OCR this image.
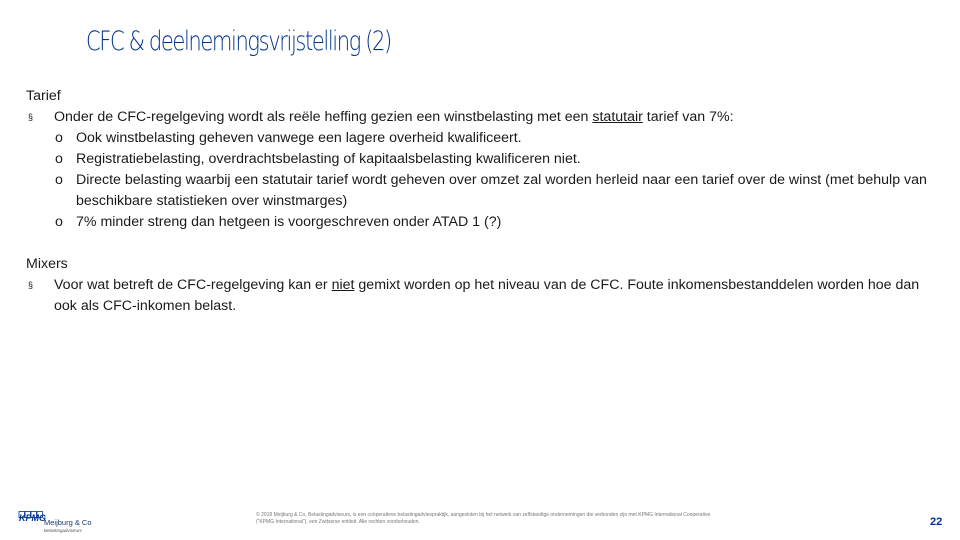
CFC & deelnemingsvrijstelling (2)
Tarief
§ Onder de CFC-regelgeving wordt als reële heffing gezien een winstbelasting met een statutair tarief van 7%:
o Ook winstbelasting geheven vanwege een lagere overheid kwalificeert.
o Registratiebelasting, overdrachtsbelasting of kapitaalsbelasting kwalificeren niet.
o Directe belasting waarbij een statutair tarief wordt geheven over omzet zal worden herleid naar een tarief over de winst (met behulp van beschikbare statistieken over winstmarges)
o 7% minder streng dan hetgeen is voorgeschreven onder ATAD 1 (?)
Mixers
§ Voor wat betreft de CFC-regelgeving kan er niet gemixt worden op het niveau van de CFC. Foute inkomensbestanddelen worden hoe dan ook als CFC-inkomen belast.
KPMG
Meijburg & Co
Belastingadviseurs
© 2018 Meijburg & Co, Belastingadviseurs, is een coöperatieve belastingadviespraktijk, aangesloten bij het netwerk van zelfstandige ondernemingen die verbonden zijn met KPMG International Cooperative (“KPMG International”), een Zwitserse entiteit. Alle rechten voorbehouden.	22
